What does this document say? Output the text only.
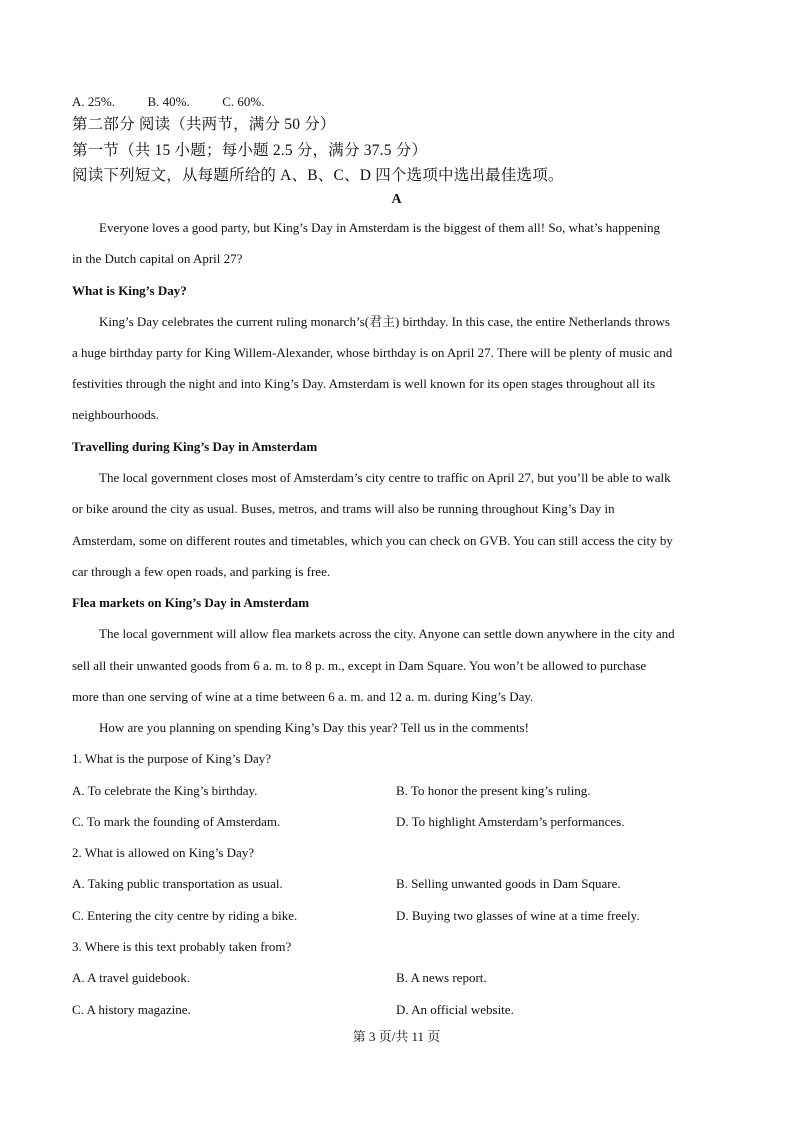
A. 25%.	B. 40%.	C. 60%.
第二部分 阅读（共两节，满分 50 分）
第一节（共 15 小题；每小题 2.5 分，满分 37.5 分）
阅读下列短文，从每题所给的 A、B、C、D 四个选项中选出最佳选项。
A
Everyone loves a good party, but King’s Day in Amsterdam is the biggest of them all! So, what’s happening
in the Dutch capital on April 27?
What is King’s Day?
King’s Day celebrates the current ruling monarch’s(君主) birthday. In this case, the entire Netherlands throws
a huge birthday party for King Willem-Alexander, whose birthday is on April 27. There will be plenty of music and
festivities through the night and into King’s Day. Amsterdam is well known for its open stages throughout all its
neighbourhoods.
Travelling during King’s Day in Amsterdam
The local government closes most of Amsterdam’s city centre to traffic on April 27, but you’ll be able to walk
or bike around the city as usual. Buses, metros, and trams will also be running throughout King’s Day in
Amsterdam, some on different routes and timetables, which you can check on GVB. You can still access the city by
car through a few open roads, and parking is free.
Flea markets on King’s Day in Amsterdam
The local government will allow flea markets across the city. Anyone can settle down anywhere in the city and
sell all their unwanted goods from 6 a. m. to 8 p. m., except in Dam Square. You won’t be allowed to purchase
more than one serving of wine at a time between 6 a. m. and 12 a. m. during King’s Day.
How are you planning on spending King’s Day this year? Tell us in the comments!
1. What is the purpose of King’s Day?
A. To celebrate the King’s birthday.	B. To honor the present king’s ruling.
C. To mark the founding of Amsterdam.	D. To highlight Amsterdam’s performances.
2. What is allowed on King’s Day?
A. Taking public transportation as usual.	B. Selling unwanted goods in Dam Square.
C. Entering the city centre by riding a bike.	D. Buying two glasses of wine at a time freely.
3. Where is this text probably taken from?
A. A travel guidebook.	B. A news report.
C. A history magazine.	D. An official website.
第 3 页/共 11 页
